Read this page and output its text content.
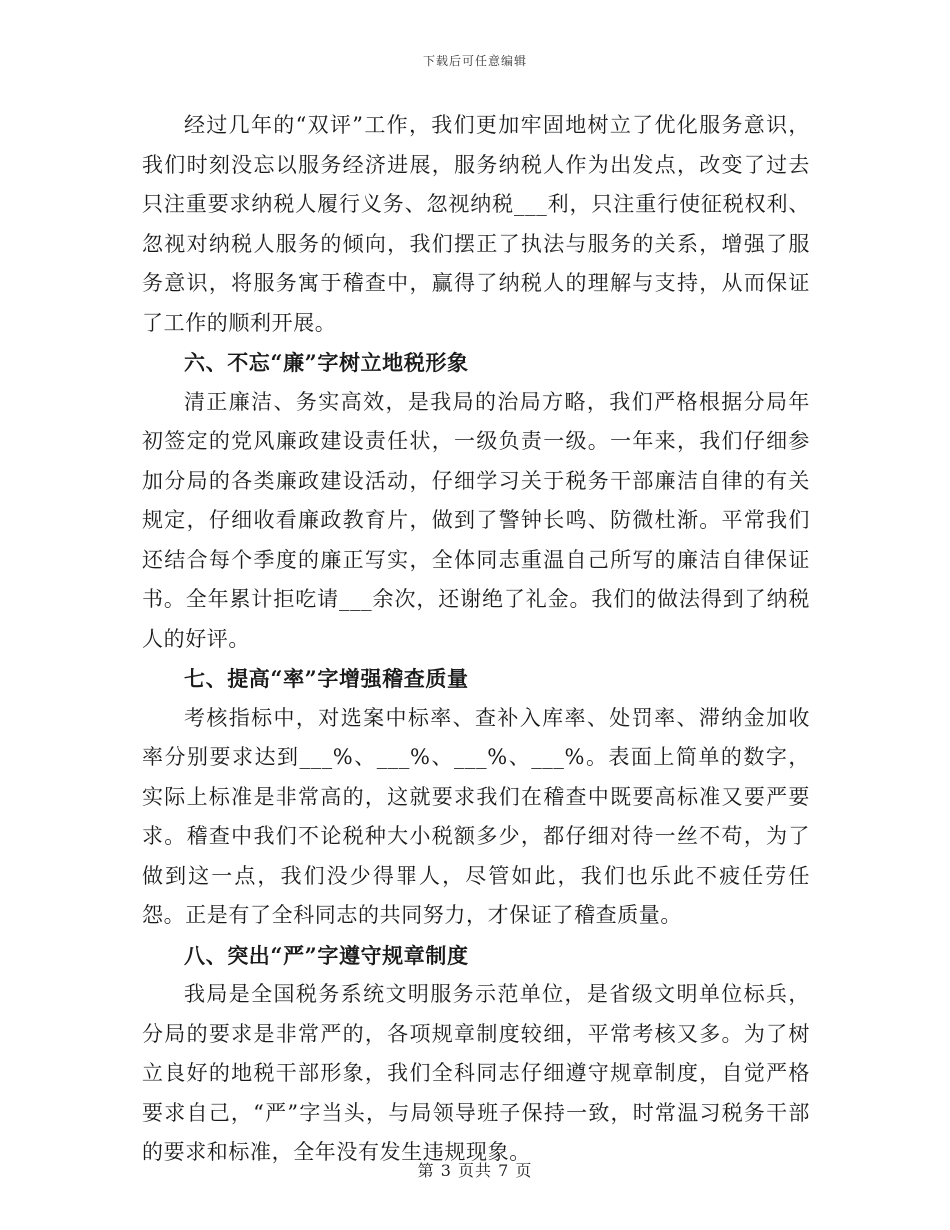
下载后可任意编辑

经过几年的“双评”工作，我们更加牢固地树立了优化服务意识，我们时刻没忘以服务经济进展，服务纳税人作为出发点，改变了过去只注重要求纳税人履行义务、忽视纳税___利，只注重行使征税权利、忽视对纳税人服务的倾向，我们摆正了执法与服务的关系，增强了服务意识，将服务寓于稽查中，赢得了纳税人的理解与支持，从而保证了工作的顺利开展。

六、不忘“廉”字树立地税形象

清正廉洁、务实高效，是我局的治局方略，我们严格根据分局年初签定的党风廉政建设责任状，一级负责一级。一年来，我们仔细参加分局的各类廉政建设活动，仔细学习关于税务干部廉洁自律的有关规定，仔细收看廉政教育片，做到了警钟长鸣、防微杜渐。平常我们还结合每个季度的廉正写实，全体同志重温自己所写的廉洁自律保证书。全年累计拒吃请___余次，还谢绝了礼金。我们的做法得到了纳税人的好评。

七、提高“率”字增强稽查质量

考核指标中，对选案中标率、查补入库率、处罚率、滞纳金加收率分别要求达到___%、___%、___%、___%。表面上简单的数字，实际上标准是非常高的，这就要求我们在稽查中既要高标准又要严要求。稽查中我们不论税种大小税额多少，都仔细对待一丝不苟，为了做到这一点，我们没少得罪人，尽管如此，我们也乐此不疲任劳任怨。正是有了全科同志的共同努力，才保证了稽查质量。

八、突出“严”字遵守规章制度

我局是全国税务系统文明服务示范单位，是省级文明单位标兵，分局的要求是非常严的，各项规章制度较细，平常考核又多。为了树立良好的地税干部形象，我们全科同志仔细遵守规章制度，自觉严格要求自己，“严”字当头，与局领导班子保持一致，时常温习税务干部的要求和标准，全年没有发生违规现象。

第 3 页共 7 页
